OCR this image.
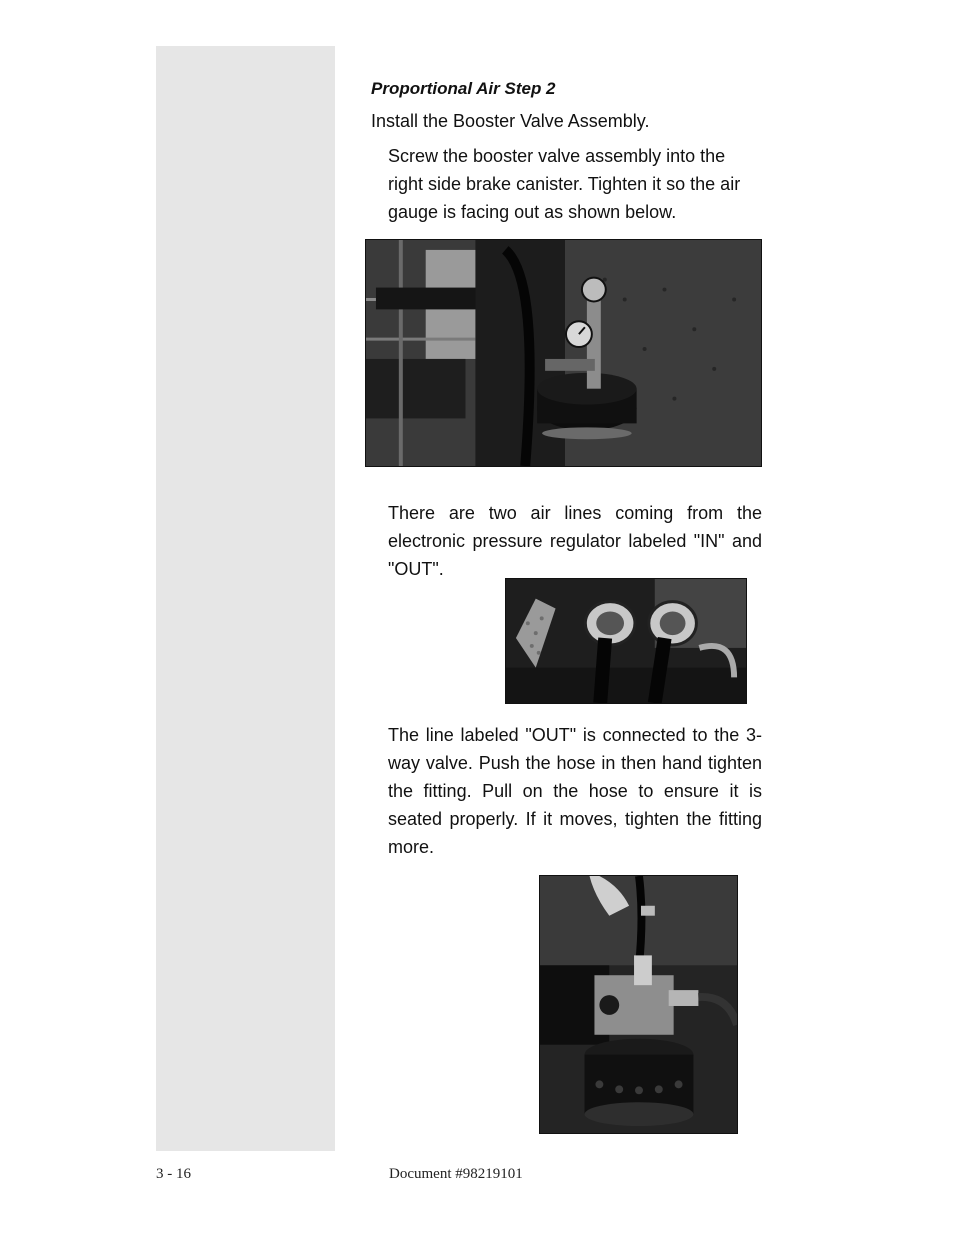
Proportional Air Step 2
Install the Booster Valve Assembly.
Screw the booster valve assembly into the right side brake canister. Tighten it so the air gauge is facing out as shown below.
There are two air lines coming from the electronic pressure regulator labeled "IN" and "OUT".
The line labeled "OUT" is connected to the 3-way valve. Push the hose in then hand tighten the fitting. Pull on the hose to ensure it is seated properly. If it moves, tighten the fitting more.
3 - 16	Document #98219101
